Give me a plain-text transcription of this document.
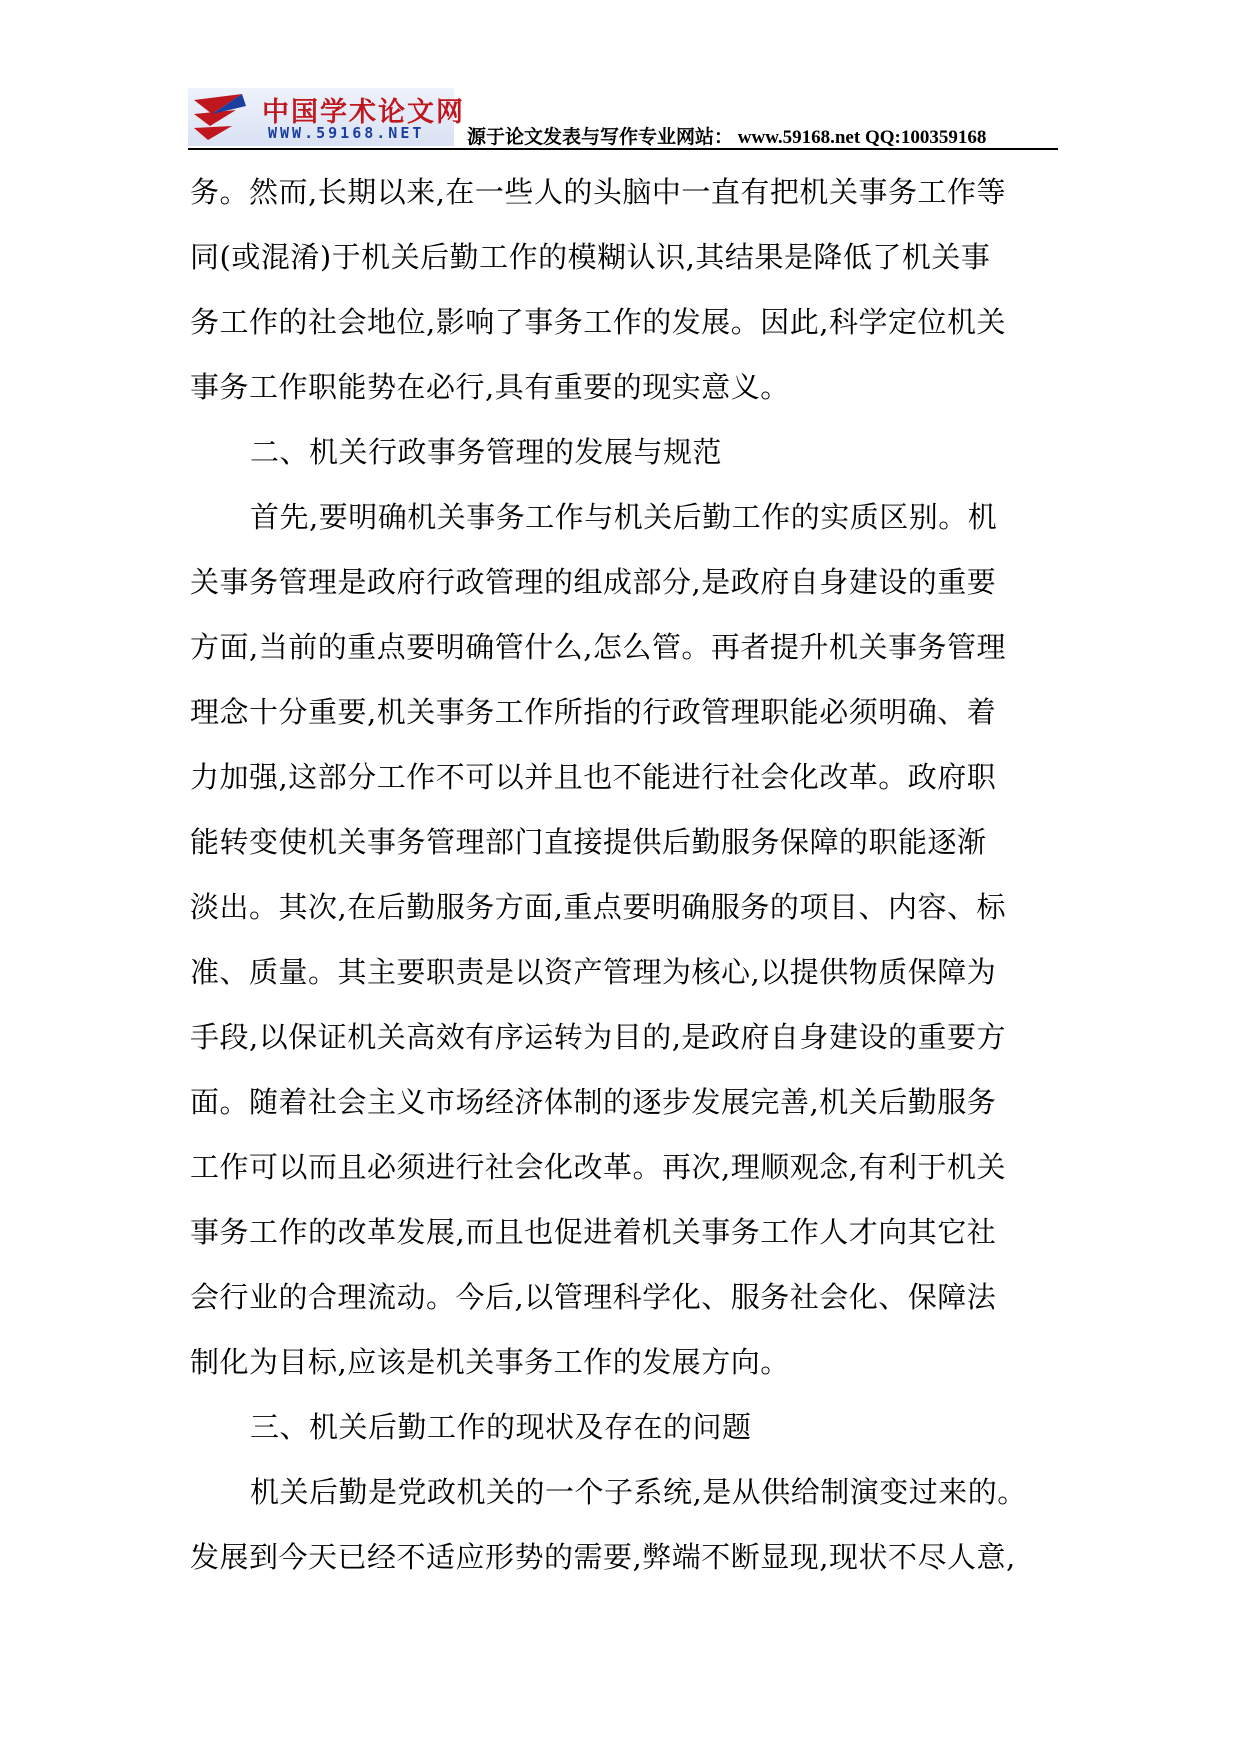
中国学术论文网
WWW.59168.NET 源于论文发表与写作专业网站： www.59168.net QQ:100359168
务。然而,长期以来,在一些人的头脑中一直有把机关事务工作等
同(或混淆)于机关后勤工作的模糊认识,其结果是降低了机关事
务工作的社会地位,影响了事务工作的发展。因此,科学定位机关
事务工作职能势在必行,具有重要的现实意义。
二、机关行政事务管理的发展与规范
首先,要明确机关事务工作与机关后勤工作的实质区别。机
关事务管理是政府行政管理的组成部分,是政府自身建设的重要
方面,当前的重点要明确管什么,怎么管。再者提升机关事务管理
理念十分重要,机关事务工作所指的行政管理职能必须明确、着
力加强,这部分工作不可以并且也不能进行社会化改革。政府职
能转变使机关事务管理部门直接提供后勤服务保障的职能逐渐
淡出。其次,在后勤服务方面,重点要明确服务的项目、内容、标
准、质量。其主要职责是以资产管理为核心,以提供物质保障为
手段,以保证机关高效有序运转为目的,是政府自身建设的重要方
面。随着社会主义市场经济体制的逐步发展完善,机关后勤服务
工作可以而且必须进行社会化改革。再次,理顺观念,有利于机关
事务工作的改革发展,而且也促进着机关事务工作人才向其它社
会行业的合理流动。今后,以管理科学化、服务社会化、保障法
制化为目标,应该是机关事务工作的发展方向。
三、机关后勤工作的现状及存在的问题
机关后勤是党政机关的一个子系统,是从供给制演变过来的。
发展到今天已经不适应形势的需要,弊端不断显现,现状不尽人意,
